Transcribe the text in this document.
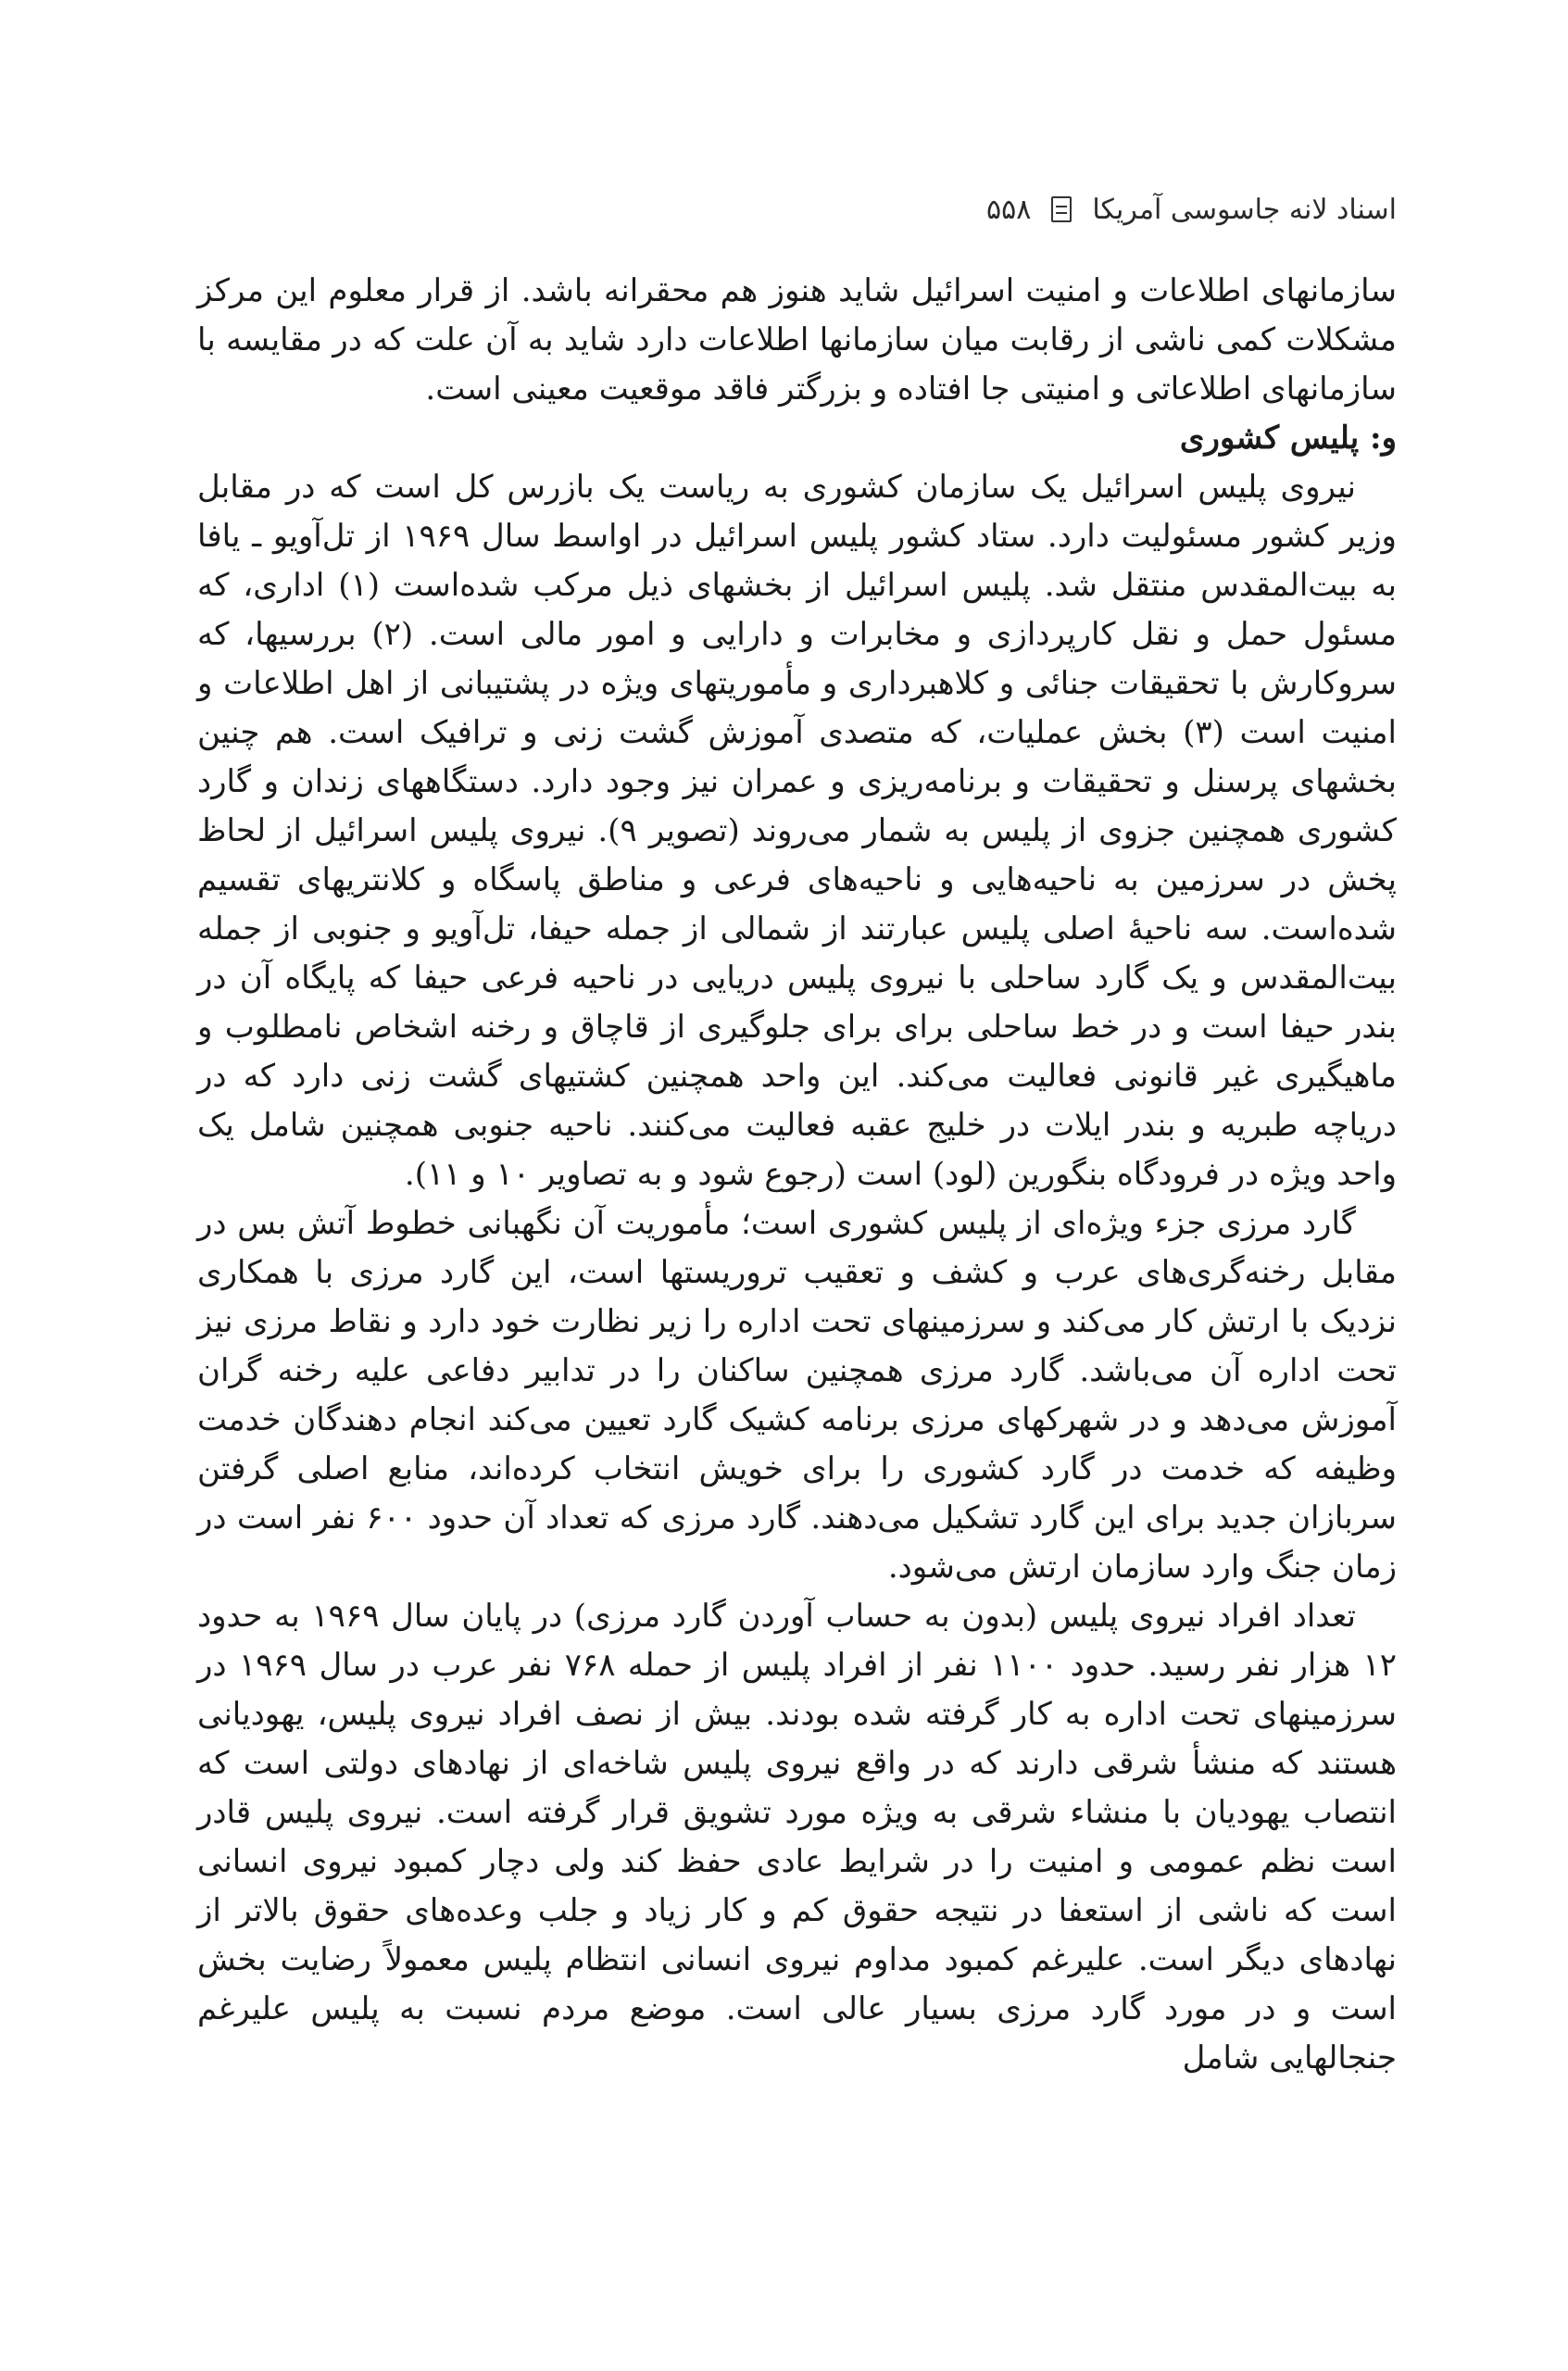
اسناد لانه جاسوسی آمریکا
۵۵۸

سازمانهای اطلاعات و امنیت اسرائیل شاید هنوز هم محقرانه باشد. از قرار معلوم این مرکز مشکلات کمی ناشی از رقابت میان سازمانها اطلاعات دارد شاید به آن علت که در مقایسه با سازمانهای اطلاعاتی و امنیتی جا افتاده و بزرگتر فاقد موقعیت معینی است.

و: پلیس کشوری

نیروی پلیس اسرائیل یک سازمان کشوری به ریاست یک بازرس کل است که در مقابل وزیر کشور مسئولیت دارد. ستاد کشور پلیس اسرائیل در اواسط سال ۱۹۶۹ از تل‌آویو ـ یافا به بیت‌المقدس منتقل شد. پلیس اسرائیل از بخشهای ذیل مرکب شده‌است (۱) اداری، که مسئول حمل و نقل کارپردازی و مخابرات و دارایی و امور مالی است. (۲) بررسیها، که سروکارش با تحقیقات جنائی و کلاهبرداری و مأموریتهای ویژه در پشتیبانی از اهل اطلاعات و امنیت است (۳) بخش عملیات، که متصدی آموزش گشت زنی و ترافیک است. هم چنین بخشهای پرسنل و تحقیقات و برنامه‌ریزی و عمران نیز وجود دارد. دستگاههای زندان و گارد کشوری همچنین جزوی از پلیس به شمار می‌روند (تصویر ۹). نیروی پلیس اسرائیل از لحاظ پخش در سرزمین به ناحیه‌هایی و ناحیه‌های فرعی و مناطق پاسگاه و کلانتریهای تقسیم شده‌است. سه ناحیهٔ اصلی پلیس عبارتند از شمالی از جمله حیفا، تل‌آویو و جنوبی از جمله بیت‌المقدس و یک گارد ساحلی با نیروی پلیس دریایی در ناحیه فرعی حیفا که پایگاه آن در بندر حیفا است و در خط ساحلی برای برای جلوگیری از قاچاق و رخنه اشخاص نامطلوب و ماهیگیری غیر قانونی فعالیت می‌کند. این واحد همچنین کشتیهای گشت زنی دارد که در دریاچه طبریه و بندر ایلات در خلیج عقبه فعالیت می‌کنند. ناحیه جنوبی همچنین شامل یک واحد ویژه در فرودگاه بنگورین (لود) است (رجوع شود و به تصاویر ۱۰ و ۱۱).

گارد مرزی جزء ویژه‌ای از پلیس کشوری است؛ مأموریت آن نگهبانی خطوط آتش بس در مقابل رخنه‌گری‌های عرب و کشف و تعقیب تروریستها است، این گارد مرزی با همکاری نزدیک با ارتش کار می‌کند و سرزمینهای تحت اداره را زیر نظارت خود دارد و نقاط مرزی نیز تحت اداره آن می‌باشد. گارد مرزی همچنین ساکنان را در تدابیر دفاعی علیه رخنه گران آموزش می‌دهد و در شهرکهای مرزی برنامه کشیک گارد تعیین می‌کند انجام دهندگان خدمت وظیفه که خدمت در گارد کشوری را برای خویش انتخاب کرده‌اند، منابع اصلی گرفتن سربازان جدید برای این گارد تشکیل می‌دهند. گارد مرزی که تعداد آن حدود ۶۰۰ نفر است در زمان جنگ وارد سازمان ارتش می‌شود.

تعداد افراد نیروی پلیس (بدون به حساب آوردن گارد مرزی) در پایان سال ۱۹۶۹ به حدود ۱۲ هزار نفر رسید. حدود ۱۱۰۰ نفر از افراد پلیس از حمله ۷۶۸ نفر عرب در سال ۱۹۶۹ در سرزمینهای تحت اداره به کار گرفته شده بودند. بیش از نصف افراد نیروی پلیس، یهودیانی هستند که منشأ شرقی دارند که در واقع نیروی پلیس شاخه‌ای از نهادهای دولتی است که انتصاب یهودیان با منشاء شرقی به ویژه مورد تشویق قرار گرفته است. نیروی پلیس قادر است نظم عمومی و امنیت را در شرایط عادی حفظ کند ولی دچار کمبود نیروی انسانی است که ناشی از استعفا در نتیجه حقوق کم و کار زیاد و جلب وعده‌های حقوق بالاتر از نهادهای دیگر است. علیرغم کمبود مداوم نیروی انسانی انتظام پلیس معمولاً رضایت بخش است و در مورد گارد مرزی بسیار عالی است. موضع مردم نسبت به پلیس علیرغم جنجالهایی شامل
